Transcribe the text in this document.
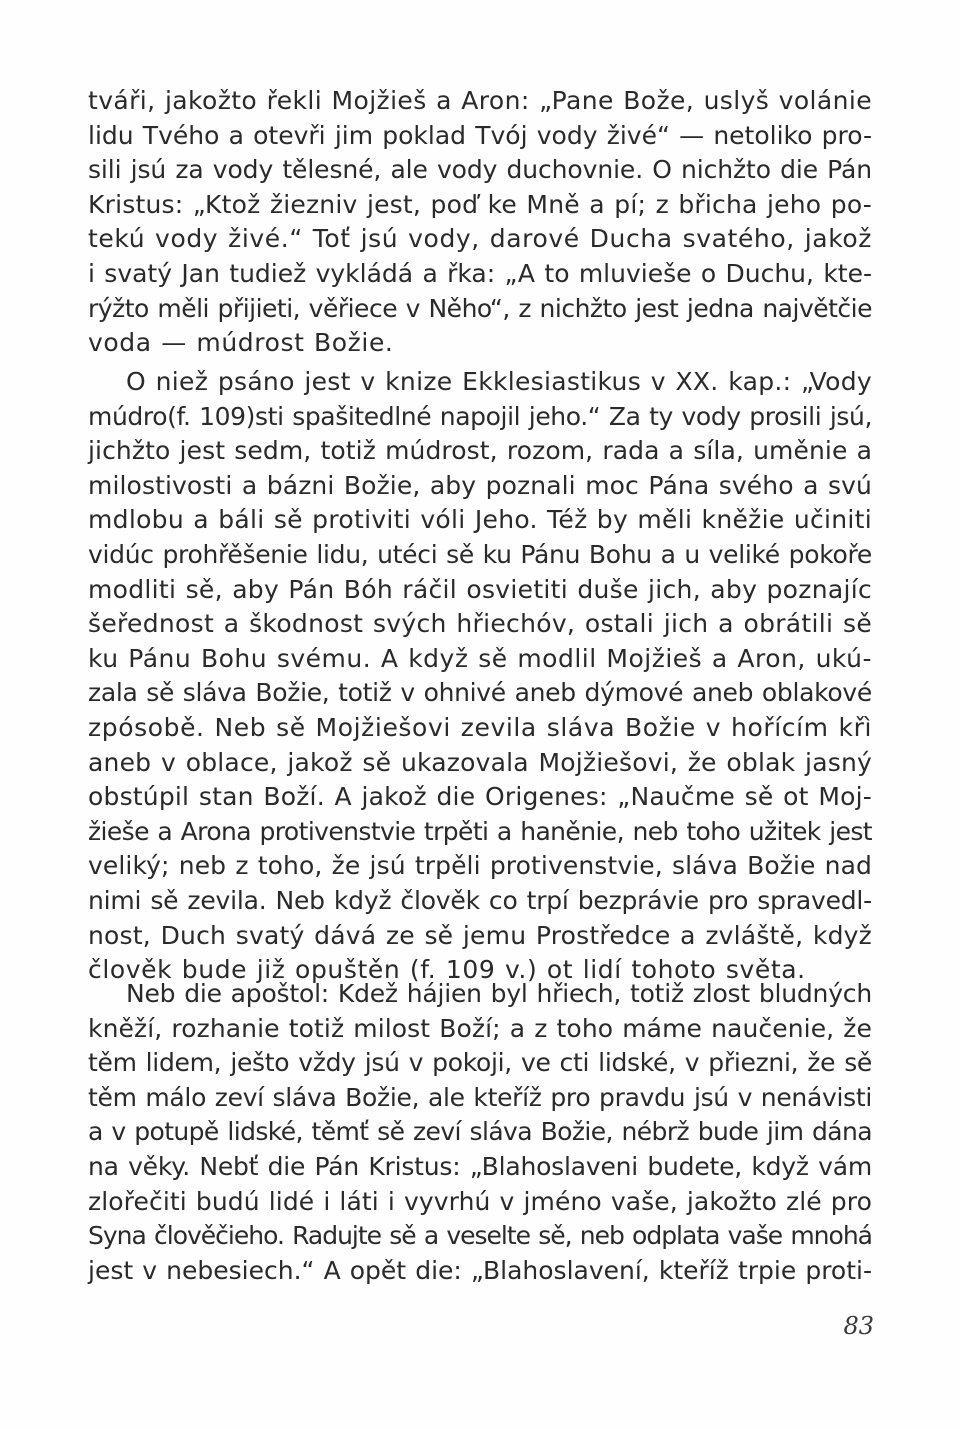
tváři, jakožto řekli Mojžieš a Aron: „Pane Bože, uslyš volánie
lidu Tvého a otevři jim poklad Tvój vody živé“ — netoliko pro-
sili jsú za vody tělesné, ale vody duchovnie. O nichžto die Pán
Kristus: „Ktož žiezniv jest, poď ke Mně a pí; z břicha jeho po-
tekú vody živé.“ Toť jsú vody, darové Ducha svatého, jakož
i svatý Jan tudiež vykládá a řka: „A to mluvieše o Duchu, kte-
rýžto měli přijieti, věřiece v Něho“, z nichžto jest jedna najvětčie
voda — múdrost Božie.
O niež psáno jest v knize Ekklesiastikus v XX. kap.: „Vody
múdro(f. 109)sti spašitedlné napojil jeho.“ Za ty vody prosili jsú,
jichžto jest sedm, totiž múdrost, rozom, rada a síla, uměnie a
milostivosti a bázni Božie, aby poznali moc Pána svého a svú
mdlobu a báli sě protiviti vóli Jeho. Též by měli kněžie učiniti
vidúc prohřěšenie lidu, utéci sě ku Pánu Bohu a u veliké pokoře
modliti sě, aby Pán Bóh ráčil osvietiti duše jich, aby poznajíc
šeřednost a škodnost svých hřiechóv, ostali jich a obrátili sě
ku Pánu Bohu svému. A když sě modlil Mojžieš a Aron, ukú-
zala sě sláva Božie, totiž v ohnivé aneb dýmové aneb oblakové
zpósobě. Neb sě Mojžiešovi zevila sláva Božie v hořícím křì
aneb v oblace, jakož sě ukazovala Mojžiešovi, že oblak jasný
obstúpil stan Boží. A jakož die Origenes: „Naučme sě ot Moj-
žieše a Arona protivenstvie trpěti a haněnie, neb toho užitek jest
veliký; neb z toho, že jsú trpěli protivenstvie, sláva Božie nad
nimi sě zevila. Neb když člověk co trpí bezprávie pro spravedl-
nost, Duch svatý dává ze sě jemu Prostředce a zvláště, když
člověk bude již opuštěn (f. 109 v.) ot lidí tohoto světa.
Neb die apoštol: Kdež hájien byl hřiech, totiž zlost bludných
kněží, rozhanie totiž milost Boží; a z toho máme naučenie, že
těm lidem, ješto vždy jsú v pokoji, ve cti lidské, v přiezni, že sě
těm málo zeví sláva Božie, ale kteříž pro pravdu jsú v nenávisti
a v potupě lidské, těmť sě zeví sláva Božie, nébrž bude jim dána
na věky. Nebť die Pán Kristus: „Blahoslaveni budete, když vám
zlořečiti budú lidé i láti i vyvrhú v jméno vaše, jakožto zlé pro
Syna člověčieho. Radujte sě a veselte sě, neb odplata vaše mnohá
jest v nebesiech.“ A opět die: „Blahoslavení, kteříž trpie proti-
83
